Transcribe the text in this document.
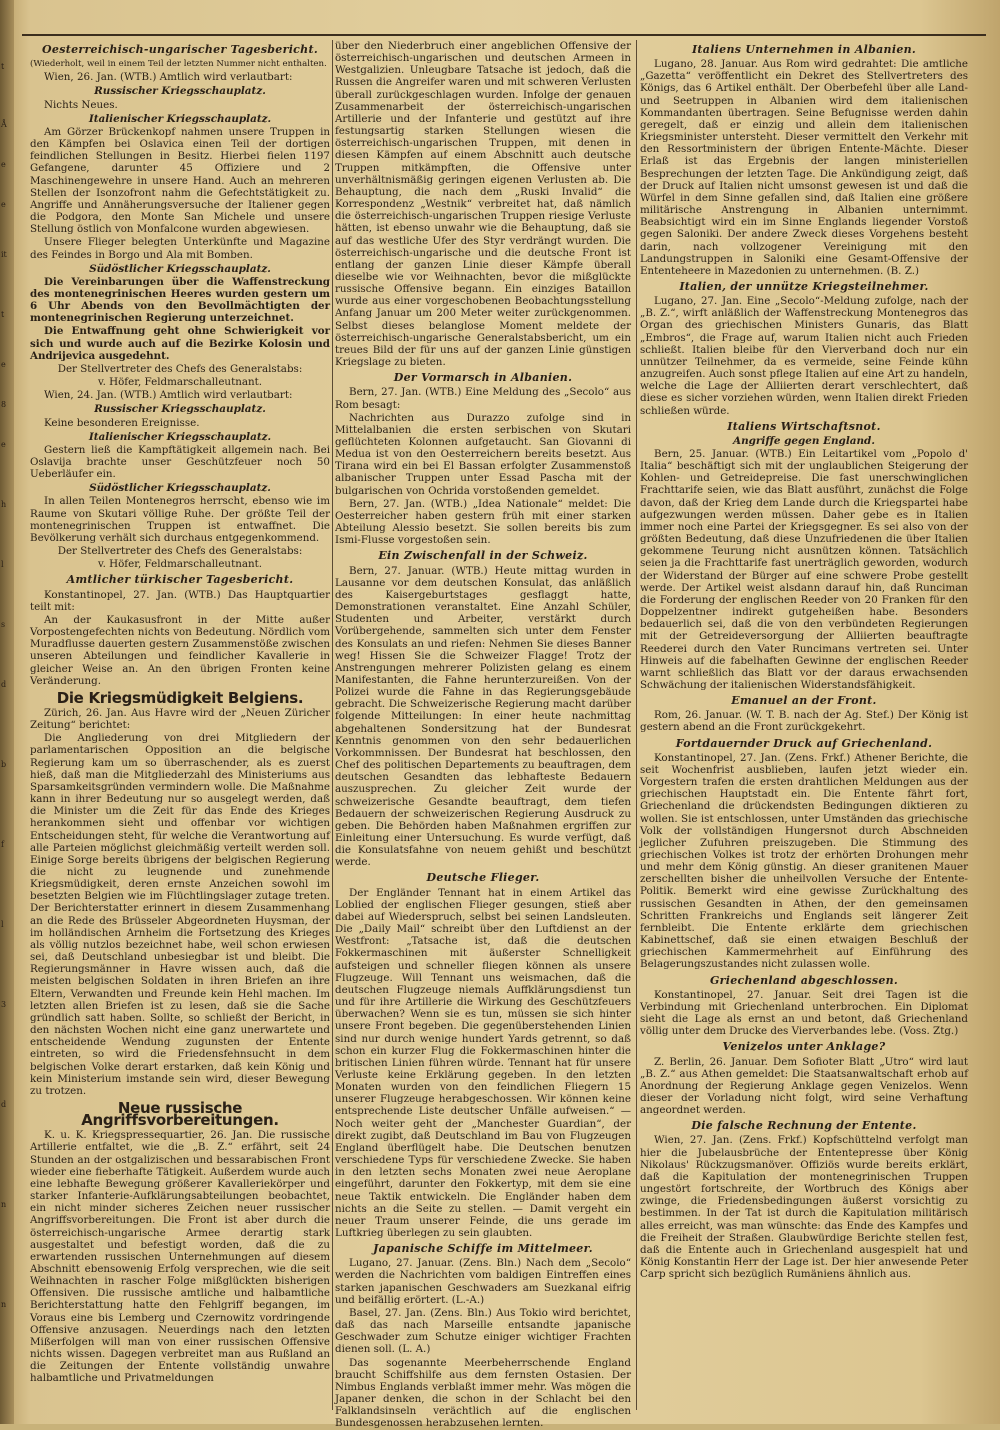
t
Å
e
e
it
t
e
8
e
h
l
s
d
b
f
l
3
d
n
n
Oesterreichisch-ungarischer Tagesbericht.

(Wiederholt, weil in einem Teil der letzten Nummer nicht enthalten.

Wien, 26. Jan. (WTB.) Amtlich wird verlautbart:

Russischer Kriegsschauplatz.

Nichts Neues.

Italienischer Kriegsschauplatz.

Am Görzer Brückenkopf nahmen unsere Truppen in den Kämpfen bei Oslavica einen Teil der dortigen feindlichen Stellungen in Besitz. Hierbei fielen 1197 Gefangene, darunter 45 Offiziere und 2 Maschinengewehre in unsere Hand. Auch an mehreren Stellen der Isonzofront nahm die Gefechtstätigkeit zu. Angriffe und Annäherungsversuche der Italiener gegen die Podgora, den Monte San Michele und unsere Stellung östlich von Monfalcone wurden abgewiesen.

Unsere Flieger belegten Unterkünfte und Magazine des Feindes in Borgo und Ala mit Bomben.

Südöstlicher Kriegsschauplatz.

Die Vereinbarungen über die Waffenstreckung des montenegrinischen Heeres wurden gestern um 6 Uhr Abends von den Bevollmächtigten der montenegrinischen Regierung unterzeichnet.

Die Entwaffnung geht ohne Schwierigkeit vor sich und wurde auch auf die Bezirke Kolosin und Andrijevica ausgedehnt.

Der Stellvertreter des Chefs des Generalstabs:

v. Höfer, Feldmarschalleutnant.

Wien, 24. Jan. (WTB.) Amtlich wird verlautbart:

Russischer Kriegsschauplatz.

Keine besonderen Ereignisse.

Italienischer Kriegsschauplatz.

Gestern ließ die Kampftätigkeit allgemein nach. Bei Oslavija brachte unser Geschützfeuer noch 50 Ueberläufer ein.

Südöstlicher Kriegsschauplatz.

In allen Teilen Montenegros herrscht, ebenso wie im Raume von Skutari völlige Ruhe. Der größte Teil der montenegrinischen Truppen ist entwaffnet. Die Bevölkerung verhält sich durchaus entgegenkommend.

Der Stellvertreter des Chefs des Generalstabs:

v. Höfer, Feldmarschalleutnant.

Amtlicher türkischer Tagesbericht.

Konstantinopel, 27. Jan. (WTB.) Das Hauptquartier teilt mit:

An der Kaukasusfront in der Mitte außer Vorpostengefechten nichts von Bedeutung. Nördlich vom Muradflusse dauerten gestern Zusammenstöße zwischen unseren Abteilungen und feindlicher Kavallerie in gleicher Weise an. An den übrigen Fronten keine Veränderung.

Die Kriegsmüdigkeit Belgiens.

Zürich, 26. Jan. Aus Havre wird der „Neuen Züricher Zeitung“ berichtet:

Die Angliederung von drei Mitgliedern der parlamentarischen Opposition an die belgische Regierung kam um so überraschender, als es zuerst hieß, daß man die Mitgliederzahl des Ministeriums aus Sparsamkeitsgründen vermindern wolle. Die Maßnahme kann in ihrer Bedeutung nur so ausgelegt werden, daß die Minister um die Zeit für das Ende des Krieges herankommen sieht und offenbar vor wichtigen Entscheidungen steht, für welche die Verantwortung auf alle Parteien möglichst gleichmäßig verteilt werden soll. Einige Sorge bereits übrigens der belgischen Regierung die nicht zu leugnende und zunehmende Kriegsmüdigkeit, deren ernste Anzeichen sowohl im besetzten Belgien wie im Flüchtlingslager zutage treten. Der Berichterstatter erinnert in diesem Zusammenhang an die Rede des Brüsseler Abgeordneten Huysman, der im holländischen Arnheim die Fortsetzung des Krieges als völlig nutzlos bezeichnet habe, weil schon erwiesen sei, daß Deutschland unbesiegbar ist und bleibt. Die Regierungsmänner in Havre wissen auch, daß die meisten belgischen Soldaten in ihren Briefen an ihre Eltern, Verwandten und Freunde kein Hehl machen. Im letzten allen Briefen ist zu lesen, daß sie die Sache gründlich satt haben. Sollte, so schließt der Bericht, in den nächsten Wochen nicht eine ganz unerwartete und entscheidende Wendung zugunsten der Entente eintreten, so wird die Friedensfehnsucht in dem belgischen Volke derart erstarken, daß kein König und kein Ministerium imstande sein wird, dieser Bewegung zu trotzen.

Neue russische Angriffsvorbereitungen.

K. u. K. Kriegspressequartier, 26. Jan. Die russische Artillerie entfaltet, wie die „B. Z.“ erfährt, seit 24 Stunden an der ostgalizischen und bessarabischen Front wieder eine fieberhafte Tätigkeit. Außerdem wurde auch eine lebhafte Bewegung größerer Kavalleriekörper und starker Infanterie-Aufklärungsabteilungen beobachtet, ein nicht minder sicheres Zeichen neuer russischer Angriffsvorbereitungen. Die Front ist aber durch die österreichisch-ungarische Armee derartig stark ausgestaltet und befestigt worden, daß die zu erwartenden russischen Unternehmungen auf diesem Abschnitt ebensowenig Erfolg versprechen, wie die seit Weihnachten in rascher Folge mißglückten bisherigen Offensiven. Die russische amtliche und halbamtliche Berichterstattung hatte den Fehlgriff begangen, im Voraus eine bis Lemberg und Czernowitz vordringende Offensive anzusagen. Neuerdings nach den letzten Mißerfolgen will man von einer russischen Offensive nichts wissen. Dagegen verbreitet man aus Rußland an die Zeitungen der Entente vollständig unwahre halbamtliche und Privatmeldungen

über den Niederbruch einer angeblichen Offensive der österreichisch-ungarischen und deutschen Armeen in Westgalizien. Unleugbare Tatsache ist jedoch, daß die Russen die Angreifer waren und mit schweren Verlusten überall zurückgeschlagen wurden. Infolge der genauen Zusammenarbeit der österreichisch-ungarischen Artillerie und der Infanterie und gestützt auf ihre festungsartig starken Stellungen wiesen die österreichisch-ungarischen Truppen, mit denen in diesen Kämpfen auf einem Abschnitt auch deutsche Truppen mitkämpften, die Offensive unter unverhältnismäßig geringen eigenen Verlusten ab. Die Behauptung, die nach dem „Ruski Invalid“ die Korrespondenz „Westnik“ verbreitet hat, daß nämlich die österreichisch-ungarischen Truppen riesige Verluste hätten, ist ebenso unwahr wie die Behauptung, daß sie auf das westliche Ufer des Styr verdrängt wurden. Die österreichisch-ungarische und die deutsche Front ist entlang der ganzen Linie dieser Kämpfe überall dieselbe wie vor Weihnachten, bevor die mißglückte russische Offensive begann. Ein einziges Bataillon wurde aus einer vorgeschobenen Beobachtungsstellung Anfang Januar um 200 Meter weiter zurückgenommen. Selbst dieses belanglose Moment meldete der österreichisch-ungarische Generalstabsbericht, um ein treues Bild der für uns auf der ganzen Linie günstigen Kriegslage zu bieten.

Der Vormarsch in Albanien.

Bern, 27. Jan. (WTB.) Eine Meldung des „Secolo“ aus Rom besagt:

Nachrichten aus Durazzo zufolge sind in Mittelalbanien die ersten serbischen von Skutari geflüchteten Kolonnen aufgetaucht. San Giovanni di Medua ist von den Oesterreichern bereits besetzt. Aus Tirana wird ein bei El Bassan erfolgter Zusammenstoß albanischer Truppen unter Essad Pascha mit der bulgarischen von Ochrida vorstoßenden gemeldet.

Bern, 27. Jan. (WTB.) „Idea Nationale“ meldet: Die Oesterreicher haben gestern früh mit einer starken Abteilung Alessio besetzt. Sie sollen bereits bis zum Ismi-Flusse vorgestoßen sein.

Ein Zwischenfall in der Schweiz.

Bern, 27. Januar. (WTB.) Heute mittag wurden in Lausanne vor dem deutschen Konsulat, das anläßlich des Kaisergeburtstages gesflaggt hatte, Demonstrationen veranstaltet. Eine Anzahl Schüler, Studenten und Arbeiter, verstärkt durch Vorübergehende, sammelten sich unter dem Fenster des Konsulats an und riefen: Nehmen Sie dieses Banner weg! Hissen Sie die Schweizer Flagge! Trotz der Anstrengungen mehrerer Polizisten gelang es einem Manifestanten, die Fahne herunterzureißen. Von der Polizei wurde die Fahne in das Regierungsgebäude gebracht. Die Schweizerische Regierung macht darüber folgende Mitteilungen: In einer heute nachmittag abgehaltenen Sondersitzung hat der Bundesrat Kenntnis genommen von den sehr bedauerlichen Vorkommnissen. Der Bundesrat hat beschlossen, den Chef des politischen Departements zu beauftragen, dem deutschen Gesandten das lebhafteste Bedauern auszusprechen. Zu gleicher Zeit wurde der schweizerische Gesandte beauftragt, dem tiefen Bedauern der schweizerischen Regierung Ausdruck zu geben. Die Behörden haben Maßnahmen ergriffen zur Einleitung einer Untersuchung. Es wurde verfügt, daß die Konsulatsfahne von neuem gehißt und beschützt werde.

Deutsche Flieger.

Der Engländer Tennant hat in einem Artikel das Loblied der englischen Flieger gesungen, stieß aber dabei auf Wiederspruch, selbst bei seinen Landsleuten. Die „Daily Mail“ schreibt über den Luftdienst an der Westfront: „Tatsache ist, daß die deutschen Fokkermaschinen mit äußerster Schnelligkeit aufsteigen und schneller fliegen können als unsere Flugzeuge. Will Tennant uns weismachen, daß die deutschen Flugzeuge niemals Auffklärungsdienst tun und für ihre Artillerie die Wirkung des Geschützfeuers überwachen? Wenn sie es tun, müssen sie sich hinter unsere Front begeben. Die gegenüberstehenden Linien sind nur durch wenige hundert Yards getrennt, so daß schon ein kurzer Flug die Fokkermaschinen hinter die britischen Linien führen würde. Tennant hat für unsere Verluste keine Erklärung gegeben. In den letzten Monaten wurden von den feindlichen Fliegern 15 unserer Flugzeuge herabgeschossen. Wir können keine entsprechende Liste deutscher Unfälle aufweisen.“ — Noch weiter geht der „Manchester Guardian“, der direkt zugibt, daß Deutschland im Bau von Flugzeugen England überflügelt habe. Die Deutschen benutzen verschiedene Typs für verschiedene Zwecke. Sie haben in den letzten sechs Monaten zwei neue Aeroplane eingeführt, darunter den Fokkertyp, mit dem sie eine neue Taktik entwickeln. Die Engländer haben dem nichts an die Seite zu stellen. — Damit vergeht ein neuer Traum unserer Feinde, die uns gerade im Luftkrieg überlegen zu sein glaubten.

Japanische Schiffe im Mittelmeer.

Lugano, 27. Januar. (Zens. Bln.) Nach dem „Secolo“ werden die Nachrichten vom baldigen Eintreffen eines starken japanischen Geschwaders am Suezkanal eifrig und beifällig erörtert. (L.-A.)

Basel, 27. Jan. (Zens. Bln.) Aus Tokio wird berichtet, daß das nach Marseille entsandte japanische Geschwader zum Schutze einiger wichtiger Frachten dienen soll. (L. A.)

Das sogenannte Meerbeherrschende England braucht Schiffshilfe aus dem fernsten Ostasien. Der Nimbus Englands verblaßt immer mehr. Was mögen die Japaner denken, die schon in der Schlacht bei den Falklandsinseln verächtlich auf die englischen Bundesgenossen herabzusehen lernten.

Italiens Unternehmen in Albanien.

Lugano, 28. Januar. Aus Rom wird gedrahtet: Die amtliche „Gazetta“ veröffentlicht ein Dekret des Stellvertreters des Königs, das 6 Artikel enthält. Der Oberbefehl über alle Land- und Seetruppen in Albanien wird dem italienischen Kommandanten übertragen. Seine Befugnisse werden dahin geregelt, daß er einzig und allein dem italienischen Kriegsminister untersteht. Dieser vermittelt den Verkehr mit den Ressortministern der übrigen Entente-Mächte. Dieser Erlaß ist das Ergebnis der langen ministeriellen Besprechungen der letzten Tage. Die Ankündigung zeigt, daß der Druck auf Italien nicht umsonst gewesen ist und daß die Würfel in dem Sinne gefallen sind, daß Italien eine größere militärische Anstrengung in Albanien unternimmt. Beabsichtigt wird ein im Sinne Englands liegender Vorstoß gegen Saloniki. Der andere Zweck dieses Vorgehens besteht darin, nach vollzogener Vereinigung mit den Landungstruppen in Saloniki eine Gesamt-Offensive der Ententeheere in Mazedonien zu unternehmen. (B. Z.)

Italien, der unnütze Kriegsteilnehmer.

Lugano, 27. Jan. Eine „Secolo“-Meldung zufolge, nach der „B. Z.“, wirft anläßlich der Waffenstreckung Montenegros das Organ des griechischen Ministers Gunaris, das Blatt „Embros“, die Frage auf, warum Italien nicht auch Frieden schließt. Italien bleibe für den Vierverband doch nur ein unnützer Teilnehmer, da es vermeide, seine Feinde kühn anzugreifen. Auch sonst pflege Italien auf eine Art zu handeln, welche die Lage der Alliierten derart verschlechtert, daß diese es sicher vorziehen würden, wenn Italien direkt Frieden schließen würde.

Italiens Wirtschaftsnot.
Angriffe gegen England.

Bern, 25. Januar. (WTB.) Ein Leitartikel vom „Popolo d' Italia“ beschäftigt sich mit der unglaublichen Steigerung der Kohlen- und Getreidepreise. Die fast unerschwinglichen Frachttarife seien, wie das Blatt ausführt, zunächst die Folge davon, daß der Krieg dem Lande durch die Kriegspartei habe aufgezwungen werden müssen. Daher gebe es in Italien immer noch eine Partei der Kriegsgegner. Es sei also von der größten Bedeutung, daß diese Unzufriedenen die über Italien gekommene Teurung nicht ausnützen können. Tatsächlich seien ja die Frachttarife fast unerträglich geworden, wodurch der Widerstand der Bürger auf eine schwere Probe gestellt werde. Der Artikel weist alsdann darauf hin, daß Runciman die Forderung der englischen Reeder von 20 Franken für den Doppelzentner indirekt gutgeheißen habe. Besonders bedauerlich sei, daß die von den verbündeten Regierungen mit der Getreideversorgung der Alliierten beauftragte Reederei durch den Vater Runcimans vertreten sei. Unter Hinweis auf die fabelhaften Gewinne der englischen Reeder warnt schließlich das Blatt vor der daraus erwachsenden Schwächung der italienischen Widerstandsfähigkeit.

Emanuel an der Front.

Rom, 26. Januar. (W. T. B. nach der Ag. Stef.) Der König ist gestern abend an die Front zurückgekehrt.

Fortdauernder Druck auf Griechenland.

Konstantinopel, 27. Jan. (Zens. Frkf.) Athener Berichte, die seit Wochenfrist ausblieben, laufen jetzt wieder ein. Vorgestern trafen die ersten drahtlichen Meldungen aus der griechischen Hauptstadt ein. Die Entente fährt fort, Griechenland die drückendsten Bedingungen diktieren zu wollen. Sie ist entschlossen, unter Umständen das griechische Volk der vollständigen Hungersnot durch Abschneiden jeglicher Zufuhren preiszugeben. Die Stimmung des griechischen Volkes ist trotz der erhörten Drohungen mehr und mehr dem König günstig. An dieser granitenen Mauer zerschellten bisher die unheilvollen Versuche der Entente-Politik. Bemerkt wird eine gewisse Zurückhaltung des russischen Gesandten in Athen, der den gemeinsamen Schritten Frankreichs und Englands seit längerer Zeit fernbleibt. Die Entente erklärte dem griechischen Kabinettschef, daß sie einen etwaigen Beschluß der griechischen Kammermehrheit auf Einführung des Belagerungszustandes nicht zulassen wolle.

Griechenland abgeschlossen.

Konstantinopel, 27. Januar. Seit drei Tagen ist die Verbindung mit Griechenland unterbrochen. Ein Diplomat sieht die Lage als ernst an und betont, daß Griechenland völlig unter dem Drucke des Vierverbandes lebe. (Voss. Ztg.)

Venizelos unter Anklage?

Z. Berlin, 26. Januar. Dem Sofioter Blatt „Utro“ wird laut „B. Z.“ aus Athen gemeldet: Die Staatsanwaltschaft erhob auf Anordnung der Regierung Anklage gegen Venizelos. Wenn dieser der Vorladung nicht folgt, wird seine Verhaftung angeordnet werden.

Die falsche Rechnung der Entente.

Wien, 27. Jan. (Zens. Frkf.) Kopfschüttelnd verfolgt man hier die Jubelausbrüche der Ententepresse über König Nikolaus' Rückzugsmanöver. Offiziös wurde bereits erklärt, daß die Kapitulation der montenegrinischen Truppen ungestört fortschreite, der Wortbruch des Königs aber zwinge, die Friedensbedingungen äußerst vorsichtig zu bestimmen. In der Tat ist durch die Kapitulation militärisch alles erreicht, was man wünschte: das Ende des Kampfes und die Freiheit der Straßen. Glaubwürdige Berichte stellen fest, daß die Entente auch in Griechenland ausgespielt hat und König Konstantin Herr der Lage ist. Der hier anwesende Peter Carp spricht sich bezüglich Rumäniens ähnlich aus.
